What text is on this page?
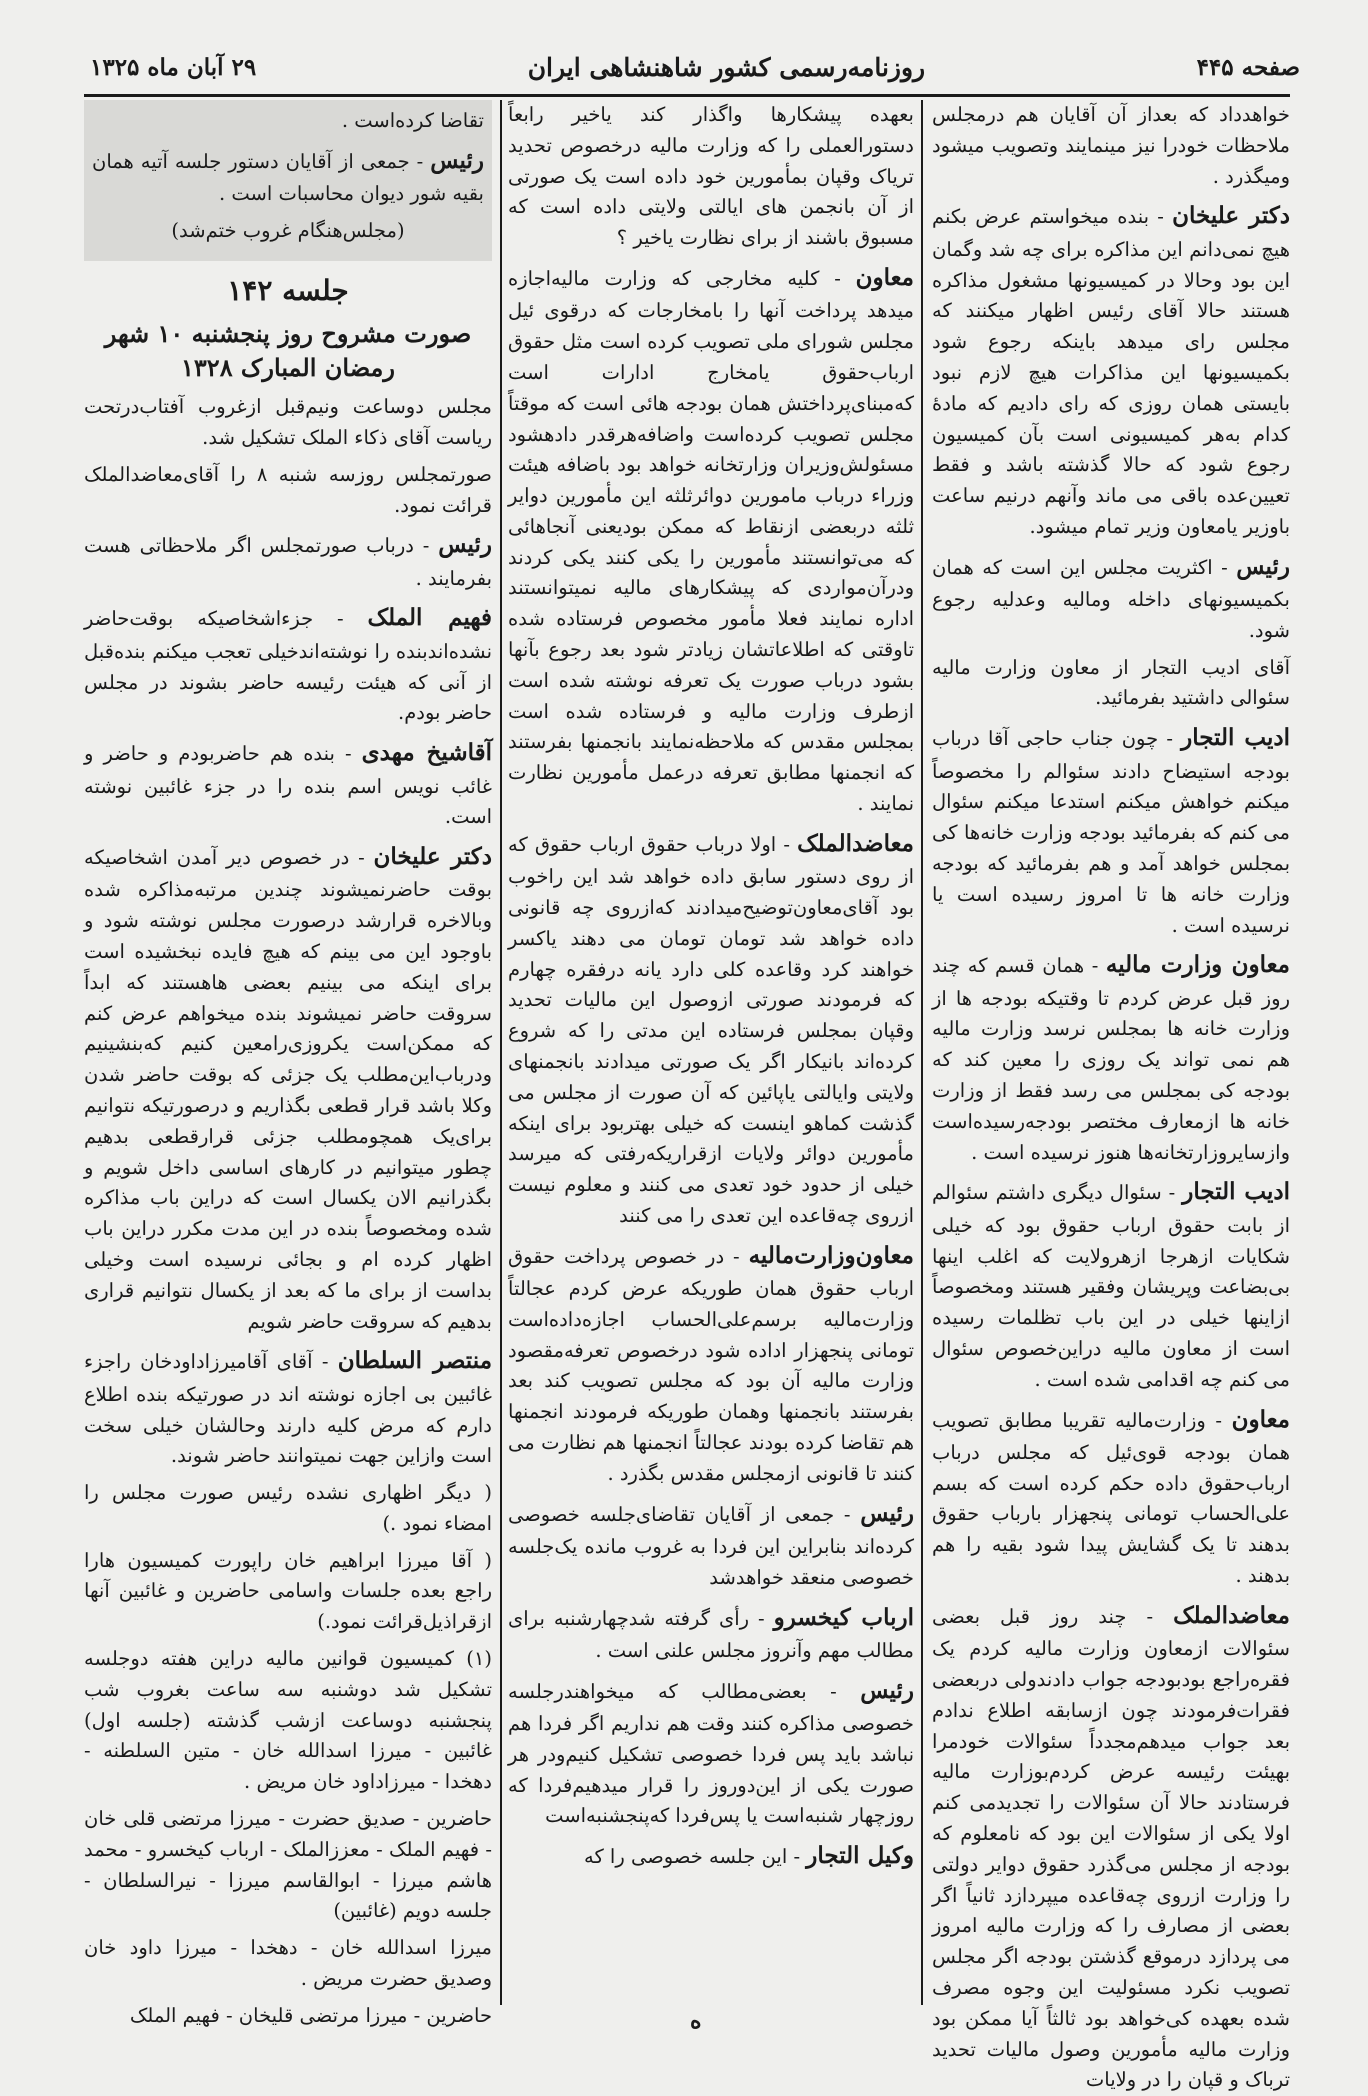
صفحه ۴۴۵
روزنامه‌رسمی کشور شاهنشاهی ایران
۲۹ آبان ماه ۱۳۲۵

خواهدداد که بعداز آن آقایان هم درمجلس ملاحظات خودرا نیز مینمایند وتصویب میشود ومیگذرد .

دکتر علیخان - بنده میخواستم عرض بکنم هیچ نمی‌دانم این مذاکره برای چه شد وگمان این بود وحالا در کمیسیونها مشغول مذاکره هستند حالا آقای رئیس اظهار میکنند که مجلس رای میدهد باینکه رجوع شود بکمیسیونها این مذاکرات هیچ لازم نبود بایستی همان روزی که رای دادیم که مادهٔ کدام به‌هر کمیسیونی است بآن کمیسیون رجوع شود که حالا گذشته باشد و فقط تعیین‌عده باقی می ماند وآنهم درنیم ساعت باوزیر یامعاون وزیر تمام میشود.

رئیس - اکثریت مجلس این است که همان بکمیسیونهای داخله ومالیه وعدلیه رجوع شود.

آقای ادیب التجار از معاون وزارت مالیه سئوالی داشتید بفرمائید.

ادیب التجار - چون جناب حاجی آقا درباب بودجه استیضاح دادند سئوالم را مخصوصاً میکنم خواهش میکنم استدعا میکنم سئوال می کنم که بفرمائید بودجه وزارت خانه‌ها کی بمجلس خواهد آمد و هم بفرمائید که بودجه وزارت خانه ها تا امروز رسیده است یا نرسیده است .

معاون وزارت مالیه - همان قسم که چند روز قبل عرض کردم تا وقتیکه بودجه ها از وزارت خانه ها بمجلس نرسد وزارت مالیه هم نمی تواند یک روزی را معین کند که بودجه کی بمجلس می رسد فقط از وزارت خانه ها ازمعارف مختصر بودجه‌رسیده‌است وازسایروزارتخانه‌ها هنوز نرسیده است .

ادیب التجار - سئوال دیگری داشتم سئوالم از بابت حقوق ارباب حقوق بود که خیلی شکایات ازهرجا ازهرولایت که اغلب اینها بی‌بضاعت وپریشان وفقیر هستند ومخصوصاً ازاینها خیلی در این باب تظلمات رسیده است از معاون مالیه دراین‌خصوص سئوال می کنم چه اقدامی شده است .

معاون - وزارت‌مالیه تقریبا مطابق تصویب همان بودجه قوی‌ئیل که مجلس درباب ارباب‌حقوق داده حکم کرده است که بسم علی‌الحساب تومانی پنجهزار بارباب حقوق بدهند تا یک گشایش پیدا شود بقیه را هم بدهند .

معاضدالملک - چند روز قبل بعضی سئوالات ازمعاون وزارت مالیه کردم یک فقره‌راجع بودبودجه جواب دادندولی دربعضی فقرات‌فرمودند چون ازسابقه اطلاع ندادم بعد جواب میدهم‌مجدداً سئوالات خودمرا بهیئت رئیسه عرض کردم‌بوزارت مالیه فرستادند حالا آن سئوالات را تجدیدمی کنم اولا یکی از سئوالات این بود که نامعلوم که بودجه از مجلس می‌گذرد حقوق دوایر دولتی را وزارت ازروی چه‌قاعده میپردازد ثانیاً اگر بعضی از مصارف را که وزارت مالیه امروز می پردازد درموقع گذشتن بودجه اگر مجلس تصویب نکرد مسئولیت این وجوه مصرف شده بعهده کی‌خواهد بود ثالثاً آیا ممکن بود وزارت مالیه مأمورین وصول مالیات تحدید ترباک و قپان را در ولایات

بعهده پیشکارها واگذار کند یاخیر رابعاً دستورالعملی را که وزارت مالیه درخصوص تحدید تریاک وقپان بمأمورین خود داده است یک صورتی از آن بانجمن های ایالتی ولایتی داده است که مسبوق باشند از برای نظارت یاخیر ؟

معاون - کلیه مخارجی که وزارت مالیه‌اجازه میدهد پرداخت آنها را بامخارجات که درقوی ئیل مجلس شورای ملی تصویب کرده است مثل حقوق ارباب‌حقوق یامخارج ادارات است که‌مبنای‌پرداختش همان بودجه هائی است که موقتاً مجلس تصویب کرده‌است واضافه‌هرقدر دادهشود مسئولش‌وزیران وزارتخانه خواهد بود باضافه هیئت وزراء درباب مامورین دوائرثلثه این مأمورین دوایر ثلثه دربعضی ازنقاط که ممکن بودیعنی آنجاهائی که می‌توانستند مأمورین را یکی کنند یکی کردند ودرآن‌مواردی که پیشکارهای مالیه نمیتوانستند اداره نمایند فعلا مأمور مخصوص فرستاده شده تاوقتی که اطلاعاتشان زیادتر شود بعد رجوع بآنها بشود درباب صورت یک تعرفه نوشته شده است ازطرف وزارت مالیه و فرستاده شده است بمجلس مقدس که ملاحظه‌نمایند بانجمنها بفرستند که انجمنها مطابق تعرفه درعمل مأمورین نظارت نمایند .

معاضدالملک - اولا درباب حقوق ارباب حقوق که از روی دستور سابق داده خواهد شد این راخوب بود آقای‌معاون‌توضیح‌میدادند که‌ازروی چه قانونی داده خواهد شد تومان تومان می دهند یاکسر خواهند کرد وقاعده کلی دارد یانه درفقره چهارم که فرمودند صورتی ازوصول این مالیات تحدید وقپان بمجلس فرستاده این مدتی را که شروع کرده‌اند بانیکار اگر یک صورتی میدادند بانجمنهای ولایتی وایالتی یاپائین که آن صورت از مجلس می گذشت کماهو اینست که خیلی بهتربود برای اینکه مأمورین دوائر ولایات ازقراریکه‌رفتی که میرسد خیلی از حدود خود تعدی می کنند و معلوم نیست ازروی چه‌قاعده این تعدی را می کنند

معاون‌وزارت‌مالیه - در خصوص پرداخت حقوق ارباب حقوق همان طوریکه عرض کردم عجالتاً وزارت‌مالیه برسم‌علی‌الحساب اجازه‌داده‌است تومانی پنجهزار اداده شود درخصوص تعرفه‌مقصود وزارت مالیه آن بود که مجلس تصویب کند بعد بفرستند بانجمنها وهمان طوریکه فرمودند انجمنها هم تقاضا کرده بودند عجالتاً انجمنها هم نظارت می کنند تا قانونی از‌مجلس مقدس بگذرد .

رئیس - جمعی از آقایان تقاضای‌جلسه خصوصی کرده‌اند بنابراین این فردا به غروب مانده یک‌جلسه خصوصی منعقد خواهدشد

ارباب کیخسرو - رأی گرفته شدچهارشنبه برای مطالب مهم وآنروز مجلس علنی است .

رئیس - بعضی‌مطالب که میخواهندرجلسه خصوصی مذاکره کنند وقت هم نداریم اگر فردا هم نباشد باید پس فردا خصوصی تشکیل کنیم‌ودر هر صورت یکی از این‌دوروز را قرار میدهیم‌فردا که روزچهار شنبه‌است یا پس‌فردا که‌پنجشنبه‌است

وکیل التجار - این جلسه خصوصی را که

تقاضا کرده‌است .

رئیس - جمعی از آقایان دستور جلسه آتیه همان بقیه شور دیوان محاسبات است .

(مجلس‌هنگام غروب ختم‌شد)

جلسه ۱۴۲
صورت مشروح روز پنجشنبه ۱۰ شهر رمضان المبارک ۱۳۲۸

مجلس دوساعت ونیم‌قبل ازغروب آفتاب‌درتحت ریاست آقای ذکاء الملک تشکیل شد.

صورتمجلس روزسه شنبه ۸ را آقای‌معاضدالملک قرائت نمود.

رئیس - درباب صورتمجلس اگر ملاحظاتی هست بفرمایند .

فهیم الملک - جزءاشخاصیکه بوقت‌حاضر نشده‌اندبنده را نوشته‌اندخیلی تعجب میکنم بنده‌قبل از آنی که هیئت رئیسه حاضر بشوند در مجلس حاضر بودم.

آقاشیخ مهدی - بنده هم حاضربودم و حاضر و غائب نویس اسم بنده را در جزء غائبین نوشته است.

دکتر علیخان - در خصوص دیر آمدن اشخاصیکه بوقت حاضرنمیشوند چندین مرتبه‌مذاکره شده وبالاخره قرارشد درصورت مجلس نوشته شود و باوجود این می بینم که هیچ فایده نبخشیده است برای اینکه می بینیم بعضی هاهستند که ابداً سروقت حاضر نمیشوند بنده میخواهم عرض کنم که ممکن‌است یکروزی‌رامعین کنیم که‌بنشینیم ودرباب‌این‌مطلب یک جزئی که بوقت حاضر شدن وکلا باشد قرار قطعی بگذاریم و درصورتیکه نتوانیم برای‌یک همچومطلب جزئی قرارقطعی بدهیم چطور میتوانیم در کارهای اساسی داخل شویم و بگذرانیم الان یکسال است که دراین باب مذاکره شده ومخصوصاً بنده در این مدت مکرر دراین باب اظهار کرده ام و بجائی نرسیده است وخیلی بداست از برای ما که بعد از یکسال نتوانیم قراری بدهیم که سروقت حاضر شویم

منتصر السلطان - آقای آقامیرزاداودخان راجزء غائبین بی اجازه نوشته اند در صورتیکه بنده اطلاع دارم که مرض کلیه دارند وحالشان خیلی سخت است وازاین جهت نمیتوانند حاضر شوند.

( دیگر اظهاری نشده رئیس صورت مجلس را امضاء نمود .)

( آقا میرزا ابراهیم خان راپورت کمیسیون هارا راجع بعده جلسات واسامی حاضرین و غائبین آنها ازقراذیل‌قرائت نمود.)

(۱) کمیسیون قوانین مالیه دراین هفته دوجلسه تشکیل شد دوشنبه سه ساعت بغروب شب پنجشنبه دوساعت ازشب گذشته (جلسه اول) غائبین - میرزا اسدالله خان - متین السلطنه - دهخدا - میرزاداود خان مریض .

حاضرین - صدیق حضرت - میرزا مرتضی قلی خان - فهیم الملک - معززالملک - ارباب کیخسرو - محمد هاشم میرزا - ابوالقاسم میرزا - نیرالسلطان - جلسه دویم (غائبین)

میرزا اسدالله خان - دهخدا - میرزا داود خان وصدیق حضرت مریض .

حاضرین - میرزا مرتضی قلیخان - فهیم الملک	ه
